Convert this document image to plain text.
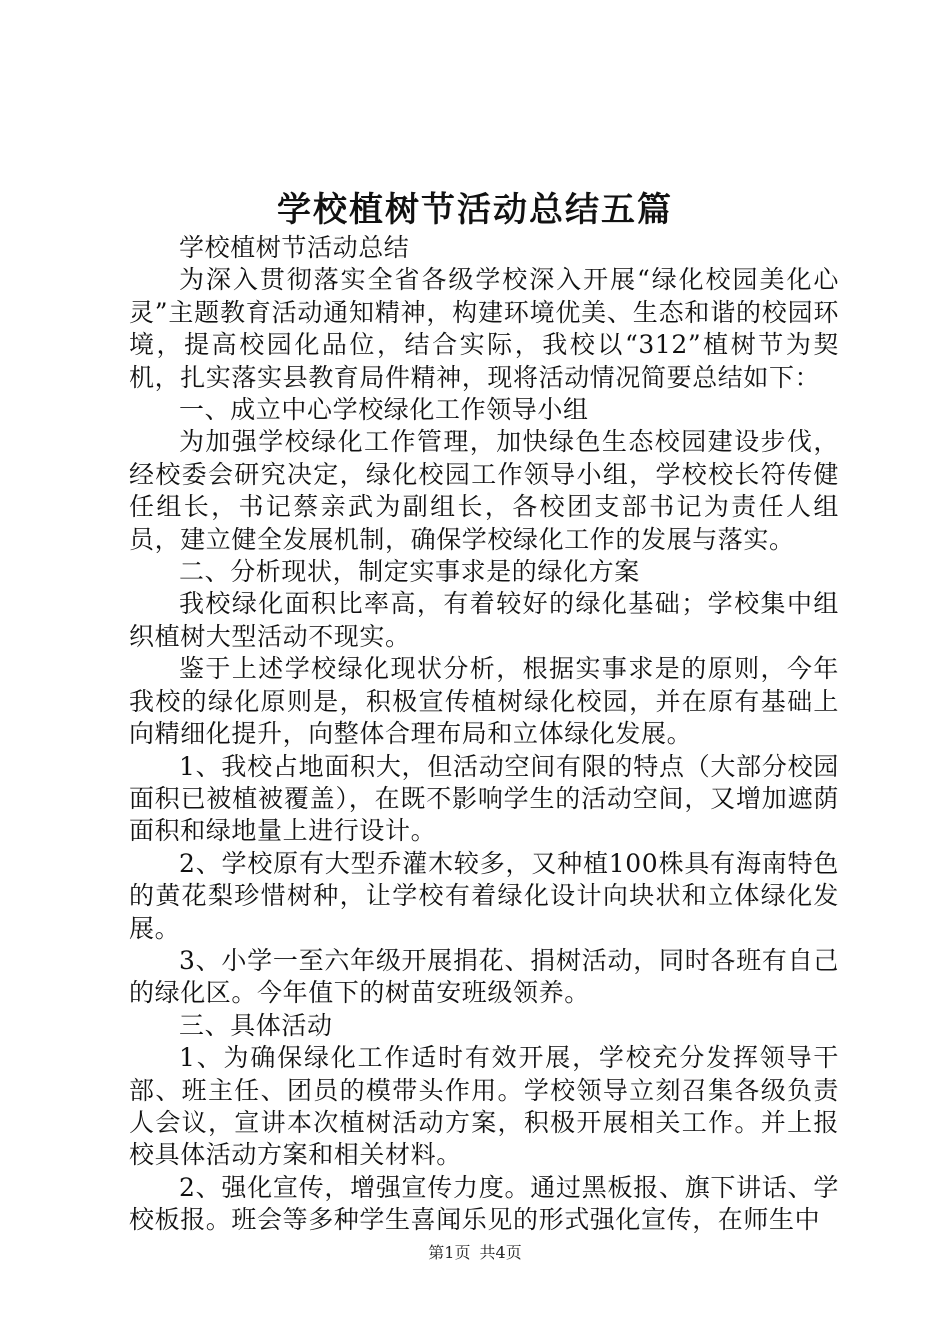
学校植树节活动总结五篇

学校植树节活动总结

为深入贯彻落实全省各级学校深入开展“绿化校园美化心灵”主题教育活动通知精神，构建环境优美、生态和谐的校园环境，提高校园化品位，结合实际，我校以“312”植树节为契机，扎实落实县教育局件精神，现将活动情况简要总结如下：

一、成立中心学校绿化工作领导小组

为加强学校绿化工作管理，加快绿色生态校园建设步伐，经校委会研究决定，绿化校园工作领导小组，学校校长符传健任组长，书记蔡亲武为副组长，各校团支部书记为责任人组员，建立健全发展机制，确保学校绿化工作的发展与落实。

二、分析现状，制定实事求是的绿化方案

我校绿化面积比率高，有着较好的绿化基础；学校集中组织植树大型活动不现实。

鉴于上述学校绿化现状分析，根据实事求是的原则，今年我校的绿化原则是，积极宣传植树绿化校园，并在原有基础上向精细化提升，向整体合理布局和立体绿化发展。

1、我校占地面积大，但活动空间有限的特点（大部分校园面积已被植被覆盖），在既不影响学生的活动空间，又增加遮荫面积和绿地量上进行设计。

2、学校原有大型乔灌木较多，又种植100株具有海南特色的黄花梨珍惜树种，让学校有着绿化设计向块状和立体绿化发展。

3、小学一至六年级开展捐花、捐树活动，同时各班有自己的绿化区。今年值下的树苗安班级领养。

三、具体活动

1、为确保绿化工作适时有效开展，学校充分发挥领导干部、班主任、团员的模带头作用。学校领导立刻召集各级负责人会议，宣讲本次植树活动方案，积极开展相关工作。并上报校具体活动方案和相关材料。

2、强化宣传，增强宣传力度。通过黑板报、旗下讲话、学校板报。班会等多种学生喜闻乐见的形式强化宣传，在师生中

第1页 共4页
